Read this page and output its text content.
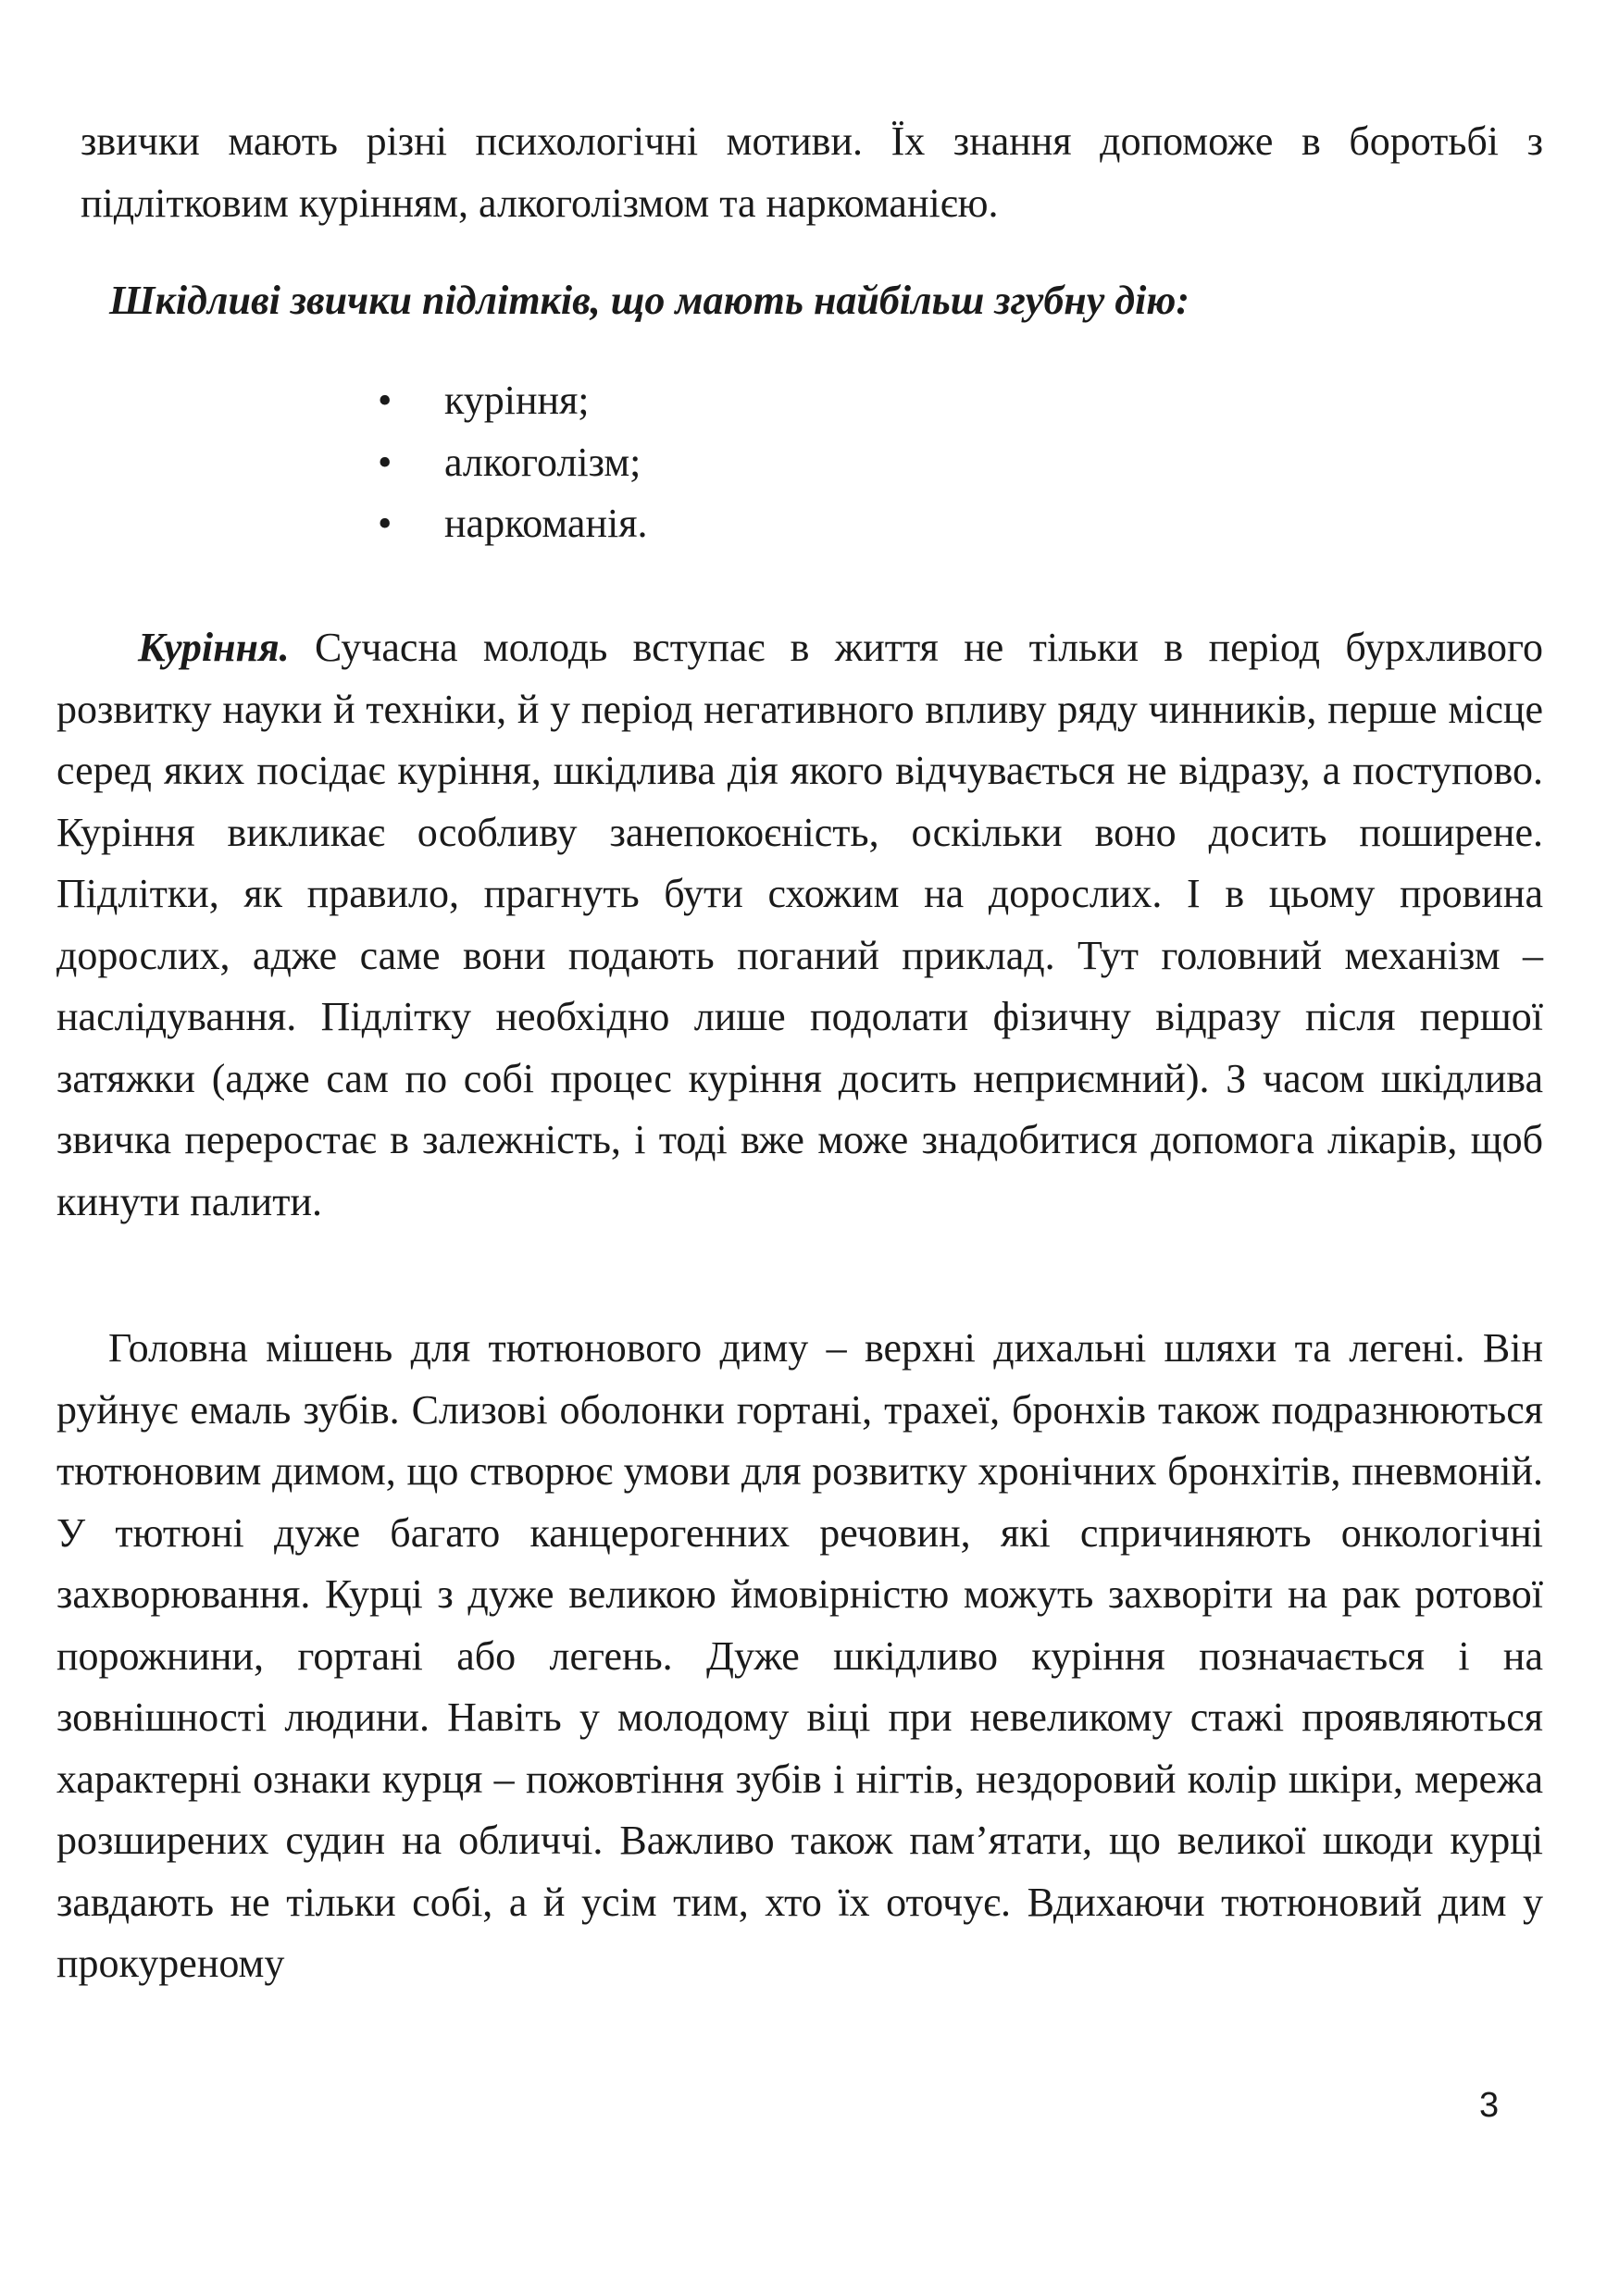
звички мають різні психологічні мотиви. Їх знання допоможе в боротьбі з підлітковим курінням, алкоголізмом та наркоманією.

Шкідливі звички підлітків, що мають найбільш згубну дію:

• куріння;
• алкоголізм;
• наркоманія.

Куріння. Сучасна молодь вступає в життя не тільки в період бурхливого розвитку науки й техніки, й у період негативного впливу ряду чинників, перше місце серед яких посідає куріння, шкідлива дія якого відчувається не відразу, а поступово. Куріння викликає особливу занепокоєність, оскільки воно досить поширене. Підлітки, як правило, прагнуть бути схожим на дорослих. І в цьому провина дорослих, адже саме вони подають поганий приклад. Тут головний механізм – наслідування. Підлітку необхідно лише подолати фізичну відразу після першої затяжки (адже сам по собі процес куріння досить неприємний). З часом шкідлива звичка переростає в залежність, і тоді вже може знадобитися допомога лікарів, щоб кинути палити.

Головна мішень для тютюнового диму – верхні дихальні шляхи та легені. Він руйнує емаль зубів. Слизові оболонки гортані, трахеї, бронхів також подразнюються тютюновим димом, що створює умови для розвитку хронічних бронхітів, пневмоній. У тютюні дуже багато канцерогенних речовин, які спричиняють онкологічні захворювання. Курці з дуже великою ймовірністю можуть захворіти на рак ротової порожнини, гортані або легень. Дуже шкідливо куріння позначається і на зовнішності людини. Навіть у молодому віці при невеликому стажі проявляються характерні ознаки курця – пожовтіння зубів і нігтів, нездоровий колір шкіри, мережа розширених судин на обличчі. Важливо також пам’ятати, що великої шкоди курці завдають не тільки собі, а й усім тим, хто їх оточує. Вдихаючи тютюновий дим у прокуреному

3
